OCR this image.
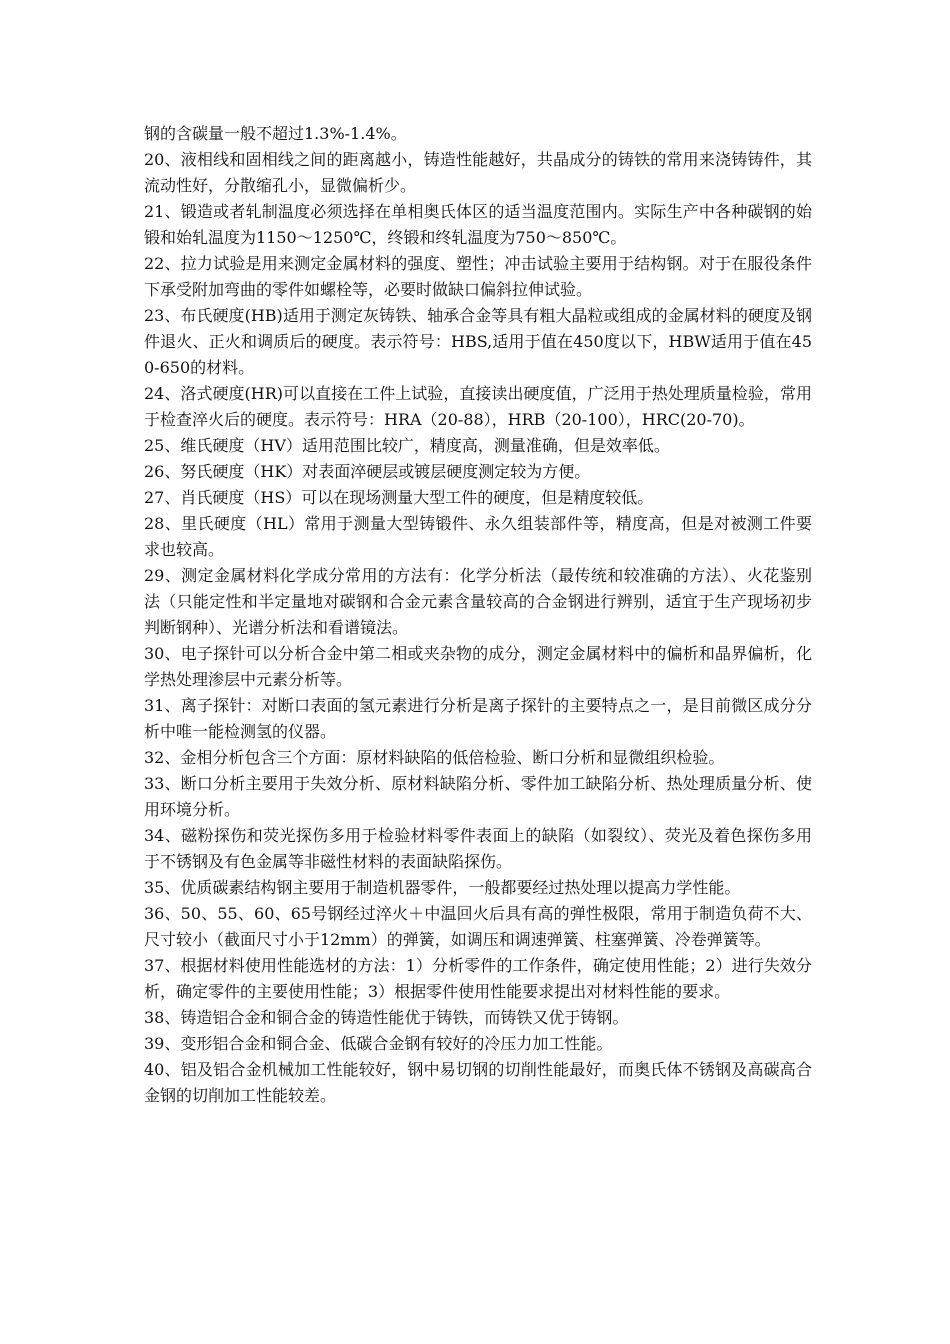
钢的含碳量一般不超过1.3%-1.4%。

20、液相线和固相线之间的距离越小，铸造性能越好，共晶成分的铸铁的常用来浇铸铸件，其流动性好，分散缩孔小，显微偏析少。

21、锻造或者轧制温度必须选择在单相奥氏体区的适当温度范围内。实际生产中各种碳钢的始锻和始轧温度为1150～1250℃，终锻和终轧温度为750～850℃。

22、拉力试验是用来测定金属材料的强度、塑性；冲击试验主要用于结构钢。对于在服役条件下承受附加弯曲的零件如螺栓等，必要时做缺口偏斜拉伸试验。

23、布氏硬度(HB)适用于测定灰铸铁、轴承合金等具有粗大晶粒或组成的金属材料的硬度及钢件退火、正火和调质后的硬度。表示符号：HBS,适用于值在450度以下，HBW适用于值在450-650的材料。

24、洛式硬度(HR)可以直接在工件上试验，直接读出硬度值，广泛用于热处理质量检验，常用于检查淬火后的硬度。表示符号：HRA（20-88），HRB（20-100），HRC(20-70)。

25、维氏硬度（HV）适用范围比较广，精度高，测量准确，但是效率低。

26、努氏硬度（HK）对表面淬硬层或镀层硬度测定较为方便。

27、肖氏硬度（HS）可以在现场测量大型工件的硬度，但是精度较低。

28、里氏硬度（HL）常用于测量大型铸锻件、永久组装部件等，精度高，但是对被测工件要求也较高。

29、测定金属材料化学成分常用的方法有：化学分析法（最传统和较准确的方法）、火花鉴别法（只能定性和半定量地对碳钢和合金元素含量较高的合金钢进行辨别，适宜于生产现场初步判断钢种）、光谱分析法和看谱镜法。

30、电子探针可以分析合金中第二相或夹杂物的成分，测定金属材料中的偏析和晶界偏析，化学热处理渗层中元素分析等。

31、离子探针：对断口表面的氢元素进行分析是离子探针的主要特点之一，是目前微区成分分析中唯一能检测氢的仪器。

32、金相分析包含三个方面：原材料缺陷的低倍检验、断口分析和显微组织检验。

33、断口分析主要用于失效分析、原材料缺陷分析、零件加工缺陷分析、热处理质量分析、使用环境分析。

34、磁粉探伤和荧光探伤多用于检验材料零件表面上的缺陷（如裂纹）、荧光及着色探伤多用于不锈钢及有色金属等非磁性材料的表面缺陷探伤。

35、优质碳素结构钢主要用于制造机器零件，一般都要经过热处理以提高力学性能。

36、50、55、60、65号钢经过淬火＋中温回火后具有高的弹性极限，常用于制造负荷不大、尺寸较小（截面尺寸小于12mm）的弹簧，如调压和调速弹簧、柱塞弹簧、冷卷弹簧等。

37、根据材料使用性能选材的方法：1）分析零件的工作条件，确定使用性能；2）进行失效分析，确定零件的主要使用性能；3）根据零件使用性能要求提出对材料性能的要求。

38、铸造铝合金和铜合金的铸造性能优于铸铁，而铸铁又优于铸钢。

39、变形铝合金和铜合金、低碳合金钢有较好的冷压力加工性能。

40、铝及铝合金机械加工性能较好，钢中易切钢的切削性能最好，而奥氏体不锈钢及高碳高合金钢的切削加工性能较差。
